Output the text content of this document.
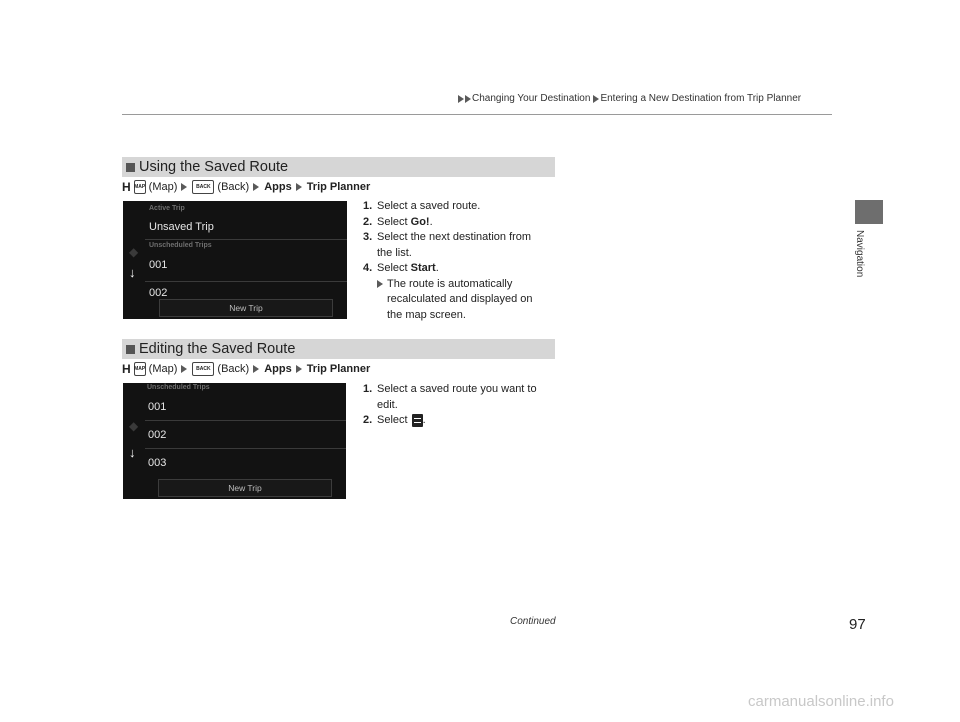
Changing Your Destination Entering a New Destination from Trip Planner
Navigation
Using the Saved Route
H MAP (Map)	BACK (Back) Apps Trip Planner
Active Trip
Unsaved Trip
Unscheduled Trips
001
002
◆
↓
New Trip
1. Select a saved route.
2. Select Go!.
3. Select the next destination from
the list.
4. Select Start.
The route is automatically
recalculated and displayed on
the map screen.
Editing the Saved Route
H MAP (Map)	BACK (Back) Apps Trip Planner
Unscheduled Trips
001
002
003
◆
↓
New Trip
1. Select a saved route you want to
edit.
2. Select .
Continued	97
carmanualsonline.info
